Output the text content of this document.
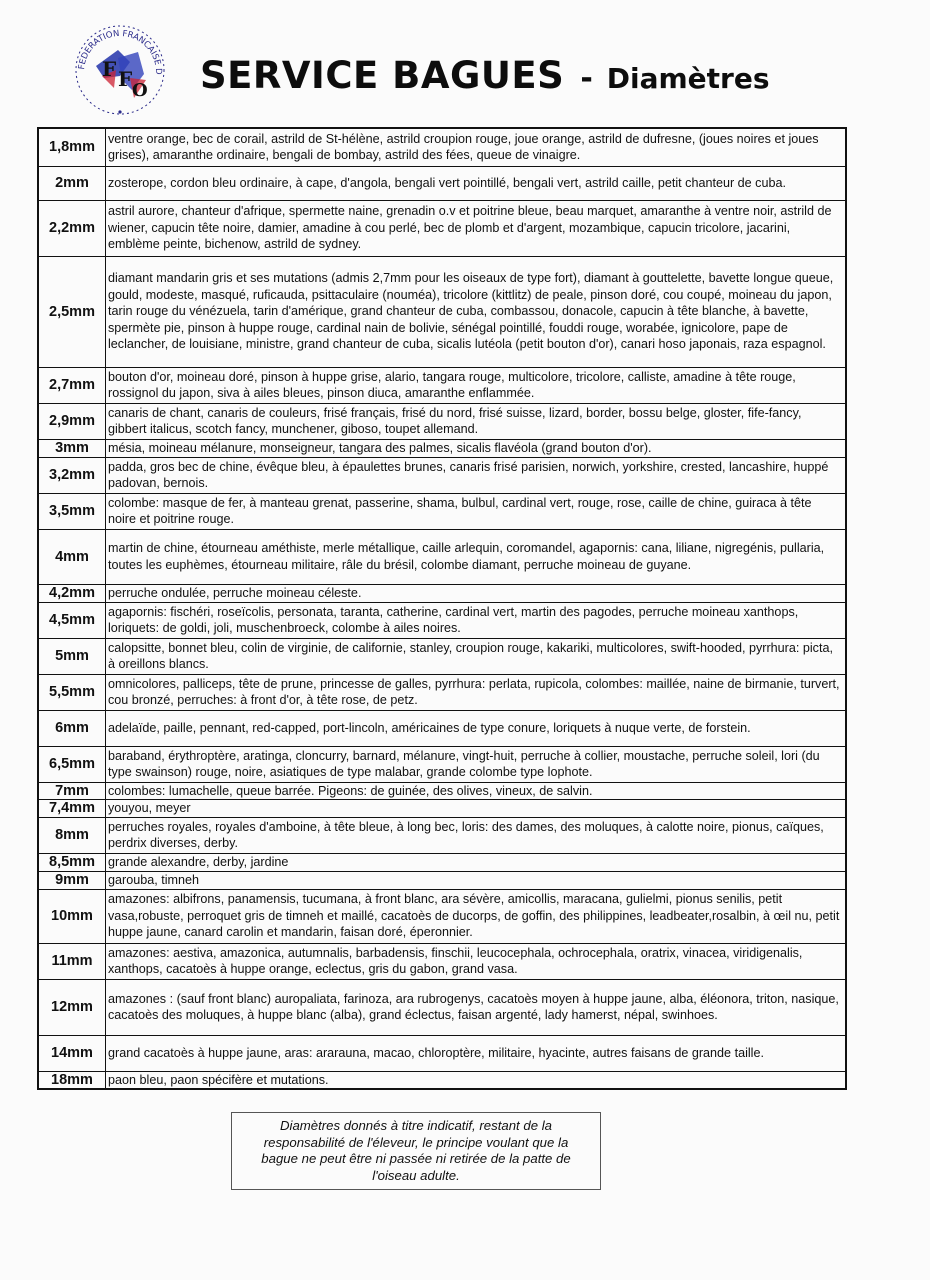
FEDERATION FRANCAISE D
F F O SERVICE BAGUES - Diamètres
1,8mm	ventre orange, bec de corail, astrild de St-hélène, astrild croupion rouge, joue orange, astrild de dufresne, (joues noires et joues grises), amaranthe ordinaire, bengali de bombay, astrild des fées, queue de vinaigre.
2mm	zosterope, cordon bleu ordinaire, à cape, d'angola, bengali vert pointillé, bengali vert, astrild caille, petit chanteur de cuba.
2,2mm	astril aurore, chanteur d'afrique, spermette naine, grenadin o.v et poitrine bleue, beau marquet, amaranthe à ventre noir, astrild de wiener, capucin tête noire, damier, amadine à cou perlé, bec de plomb et d'argent, mozambique, capucin tricolore, jacarini, emblème peinte, bichenow, astrild de sydney.
2,5mm	diamant mandarin gris et ses mutations (admis 2,7mm pour les oiseaux de type fort), diamant à gouttelette, bavette longue queue, gould, modeste, masqué, ruficauda, psittaculaire (nouméa), tricolore (kittlitz) de peale, pinson doré, cou coupé, moineau du japon, tarin rouge du vénézuela, tarin d'amérique, grand chanteur de cuba, combassou, donacole, capucin à tête blanche, à bavette, spermète pie, pinson à huppe rouge, cardinal nain de bolivie, sénégal pointillé, fouddi rouge, worabée, ignicolore, pape de leclancher, de louisiane, ministre, grand chanteur de cuba, sicalis lutéola (petit bouton d'or), canari hoso japonais, raza espagnol.
2,7mm	bouton d'or, moineau doré, pinson à huppe grise, alario, tangara rouge, multicolore, tricolore, calliste, amadine à tête rouge, rossignol du japon, siva à ailes bleues, pinson diuca, amaranthe enflammée.
2,9mm	canaris de chant, canaris de couleurs, frisé français, frisé du nord, frisé suisse, lizard, border, bossu belge, gloster, fife-fancy, gibbert italicus, scotch fancy, munchener, giboso, toupet allemand.
3mm	mésia, moineau mélanure, monseigneur, tangara des palmes, sicalis flavéola (grand bouton d'or).
3,2mm	padda, gros bec de chine, évêque bleu, à épaulettes brunes, canaris frisé parisien, norwich, yorkshire, crested, lancashire, huppé padovan, bernois.
3,5mm	colombe: masque de fer, à manteau grenat, passerine, shama, bulbul, cardinal vert, rouge, rose, caille de chine, guiraca à tête noire et poitrine rouge.
4mm	martin de chine, étourneau améthiste, merle métallique, caille arlequin, coromandel, agapornis: cana, liliane, nigregénis, pullaria, toutes les euphèmes, étourneau militaire, râle du brésil, colombe diamant, perruche moineau de guyane.
4,2mm	perruche ondulée, perruche moineau céleste.
4,5mm	agapornis: fischéri, roseïcolis, personata, taranta, catherine, cardinal vert, martin des pagodes, perruche moineau xanthops, loriquets: de goldi, joli, muschenbroeck, colombe à ailes noires.
5mm	calopsitte, bonnet bleu, colin de virginie, de californie, stanley, croupion rouge, kakariki, multicolores, swift-hooded, pyrrhura: picta, à oreillons blancs.
5,5mm	omnicolores, palliceps, tête de prune, princesse de galles, pyrrhura: perlata, rupicola, colombes: maillée, naine de birmanie, turvert, cou bronzé, perruches: à front d'or, à tête rose, de petz.
6mm	adelaïde, paille, pennant, red-capped, port-lincoln, américaines de type conure, loriquets à nuque verte, de forstein.
6,5mm	baraband, érythroptère, aratinga, cloncurry, barnard, mélanure, vingt-huit, perruche à collier, moustache, perruche soleil, lori (du type swainson) rouge, noire, asiatiques de type malabar, grande colombe type lophote.
7mm	colombes: lumachelle, queue barrée. Pigeons: de guinée, des olives, vineux, de salvin.
7,4mm	youyou, meyer
8mm	perruches royales, royales d'amboine, à tête bleue, à long bec, loris: des dames, des moluques, à calotte noire, pionus, caïques, perdrix diverses, derby.
8,5mm	grande alexandre, derby, jardine
9mm	garouba, timneh
10mm	amazones: albifrons, panamensis, tucumana, à front blanc, ara sévère, amicollis, maracana, gulielmi, pionus senilis, petit vasa,robuste, perroquet gris de timneh et maillé, cacatoès de ducorps, de goffin, des philippines, leadbeater,rosalbin, à œil nu, petit huppe jaune, canard carolin et mandarin, faisan doré, éperonnier.
11mm	amazones: aestiva, amazonica, autumnalis, barbadensis, finschii, leucocephala, ochrocephala, oratrix, vinacea, viridigenalis, xanthops, cacatoès à huppe orange, eclectus, gris du gabon, grand vasa.
12mm	amazones : (sauf front blanc) auropaliata, farinoza, ara rubrogenys, cacatoès moyen à huppe jaune, alba, éléonora, triton, nasique, cacatoès des moluques, à huppe blanc (alba), grand éclectus, faisan argenté, lady hamerst, népal, swinhoes.
14mm	grand cacatoès à huppe jaune, aras: ararauna, macao, chloroptère, militaire, hyacinte, autres faisans de grande taille.
18mm	paon bleu, paon spécifère et mutations.
Diamètres donnés à titre indicatif, restant de la responsabilité de l'éleveur, le principe voulant que la bague ne peut être ni passée ni retirée de la patte de l'oiseau adulte.
